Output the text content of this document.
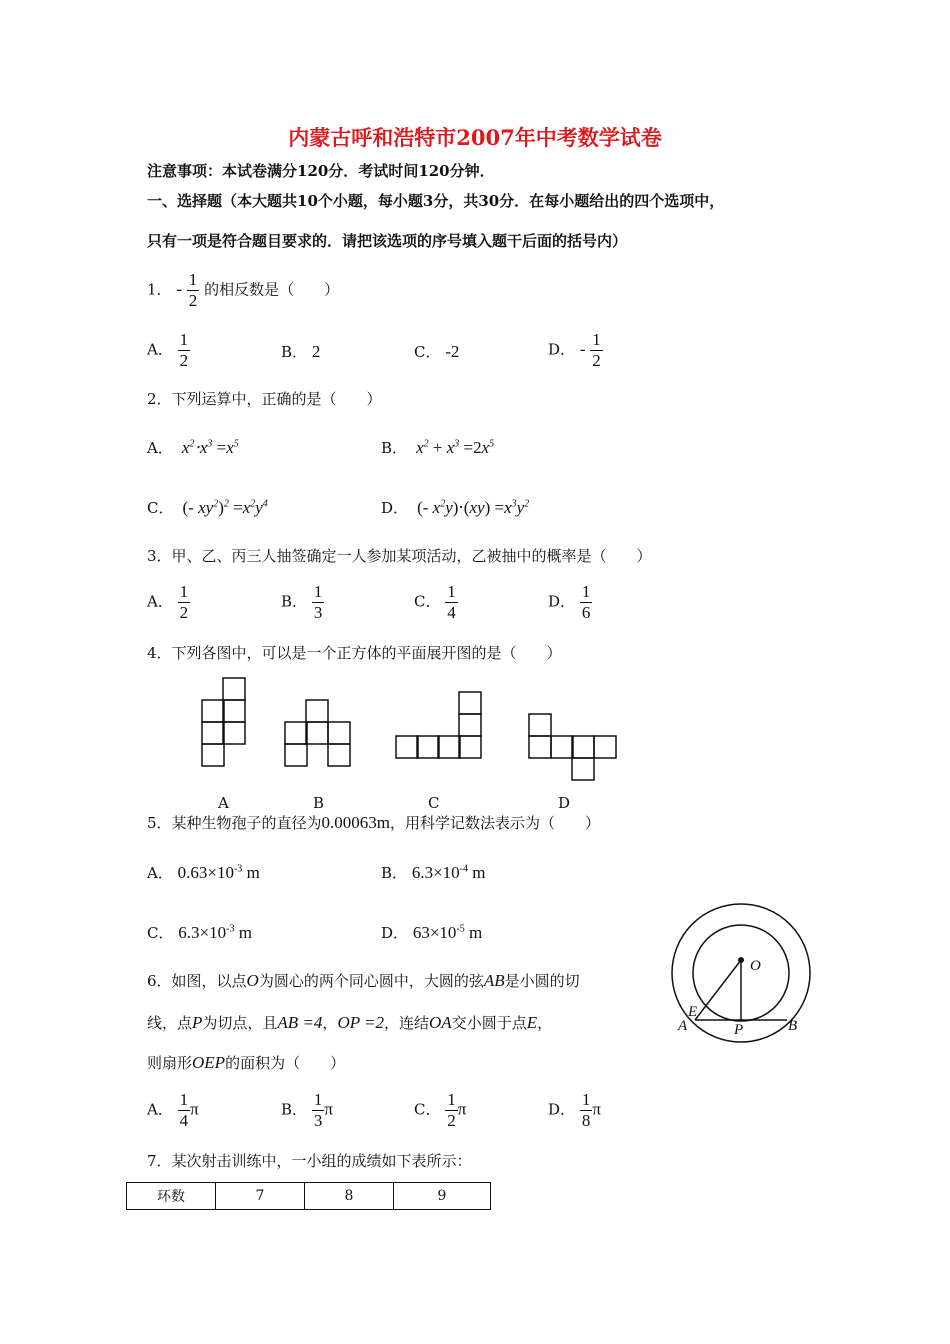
内蒙古呼和浩特市2007年中考数学试卷
注意事项：本试卷满分120分．考试时间120分钟．
一、选择题（本大题共10个小题，每小题3分，共30分．在每小题给出的四个选项中，
只有一项是符合题目要求的．请把该选项的序号填入题干后面的括号内）
1． - $\frac{1}{2}$ 的相反数是（　　）
A． $\frac{1}{2}$	B． 2	C． -2	D． - $\frac{1}{2}$
2．下列运算中，正确的是（　　）
A．  $x^2\cdot x^3 =x^5$	B．  $x^2 + x^3 =2x^5$
C． (- $xy^2)^2 =x^2y^4$	D． (- $x^2y)\cdot(xy) =x^3y^2$
3．甲、乙、丙三人抽签确定一人参加某项活动，乙被抽中的概率是（　　）
A． $\frac{1}{2}$	B． $\frac{1}{3}$	C． $\frac{1}{4}$	D． $\frac{1}{6}$
4．下列各图中，可以是一个正方体的平面展开图的是（　　）
A	B	C	D
5．某种生物孢子的直径为0.00063m，用科学记数法表示为（　　）
A． $0.63\times 10^{-3}$ m	B． $6.3\times 10^{-4}$ m
C． $6.3\times 10^{-3}$ m	D． $63\times 10^{-5}$ m
O
E
A	P	B
6．如图，以点O为圆心的两个同心圆中，大圆的弦AB是小圆的切
线，点P为切点，且AB =4，OP =2，连结OA交小圆于点E，
则扇形OEP的面积为（　　）
A． $\frac{1}{4}$ π	B． $\frac{1}{3}$ π	C． $\frac{1}{2}$ π	D． $\frac{1}{8}$ π
7．某次射击训练中，一小组的成绩如下表所示：
环数	7	8	9
